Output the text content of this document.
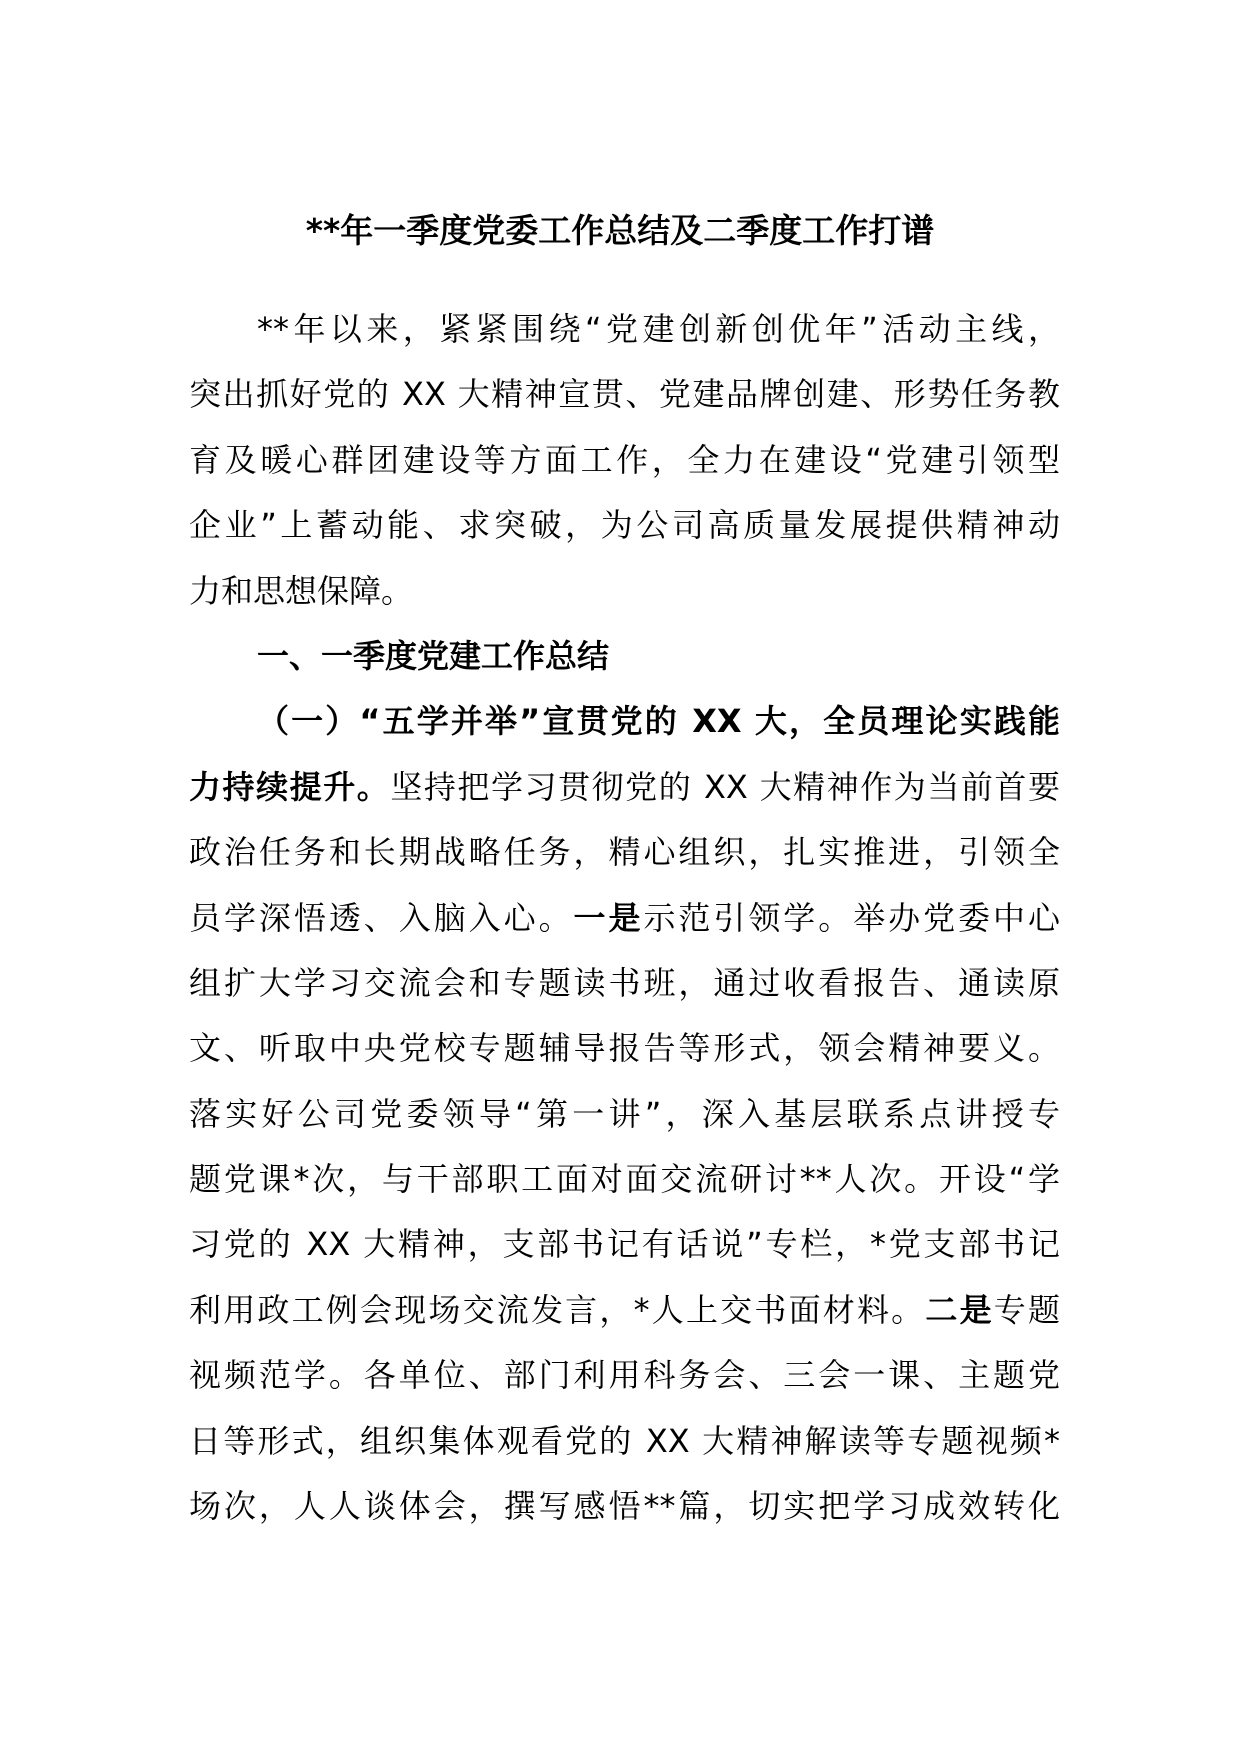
**年一季度党委工作总结及二季度工作打谱
**年以来，紧紧围绕“党建创新创优年”活动主线，
突出抓好党的 XX 大精神宣贯、党建品牌创建、形势任务教
育及暖心群团建设等方面工作，全力在建设“党建引领型
企业”上蓄动能、求突破，为公司高质量发展提供精神动
力和思想保障。
一、一季度党建工作总结
（一）“五学并举”宣贯党的 XX 大，全员理论实践能
力持续提升。坚持把学习贯彻党的 XX 大精神作为当前首要
政治任务和长期战略任务，精心组织，扎实推进，引领全
员学深悟透、入脑入心。一是示范引领学。举办党委中心
组扩大学习交流会和专题读书班，通过收看报告、通读原
文、听取中央党校专题辅导报告等形式，领会精神要义。
落实好公司党委领导“第一讲”，深入基层联系点讲授专
题党课*次，与干部职工面对面交流研讨**人次。开设“学
习党的 XX 大精神，支部书记有话说”专栏，*党支部书记
利用政工例会现场交流发言，*人上交书面材料。二是专题
视频范学。各单位、部门利用科务会、三会一课、主题党
日等形式，组织集体观看党的 XX 大精神解读等专题视频*
场次，人人谈体会，撰写感悟**篇，切实把学习成效转化
